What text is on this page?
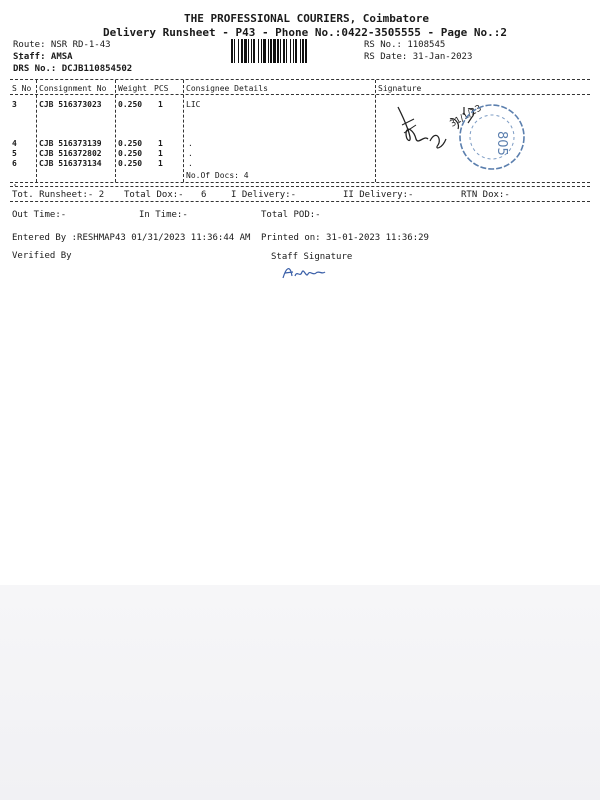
THE PROFESSIONAL COURIERS, Coimbatore
Delivery Runsheet - P43 - Phone No.:0422-3505555 - Page No.:2
Route: NSR RD-1-43
Staff: AMSA
DRS No.: DCJB110854502
RS No.: 1108545
RS Date: 31-Jan-2023
S No Consignment No Weight PCS Consignee Details	Signature
3	CJB 516373023 0.250 1	LIC
4	CJB 516373139 0.250 1	.
5	CJB 516372802 0.250 1	.
6	CJB 516373134 0.250 1	.
No.Of Docs: 4
31/1/23
805
Tot. Runsheet:- 2 Total Dox:- 6	I Delivery:-	II Delivery:-	RTN Dox:-
Out Time:-	In Time:-	Total POD:-
Entered By :RESHMAP43 01/31/2023 11:36:44 AM Printed on: 31-01-2023 11:36:29
Verified By	Staff Signature
